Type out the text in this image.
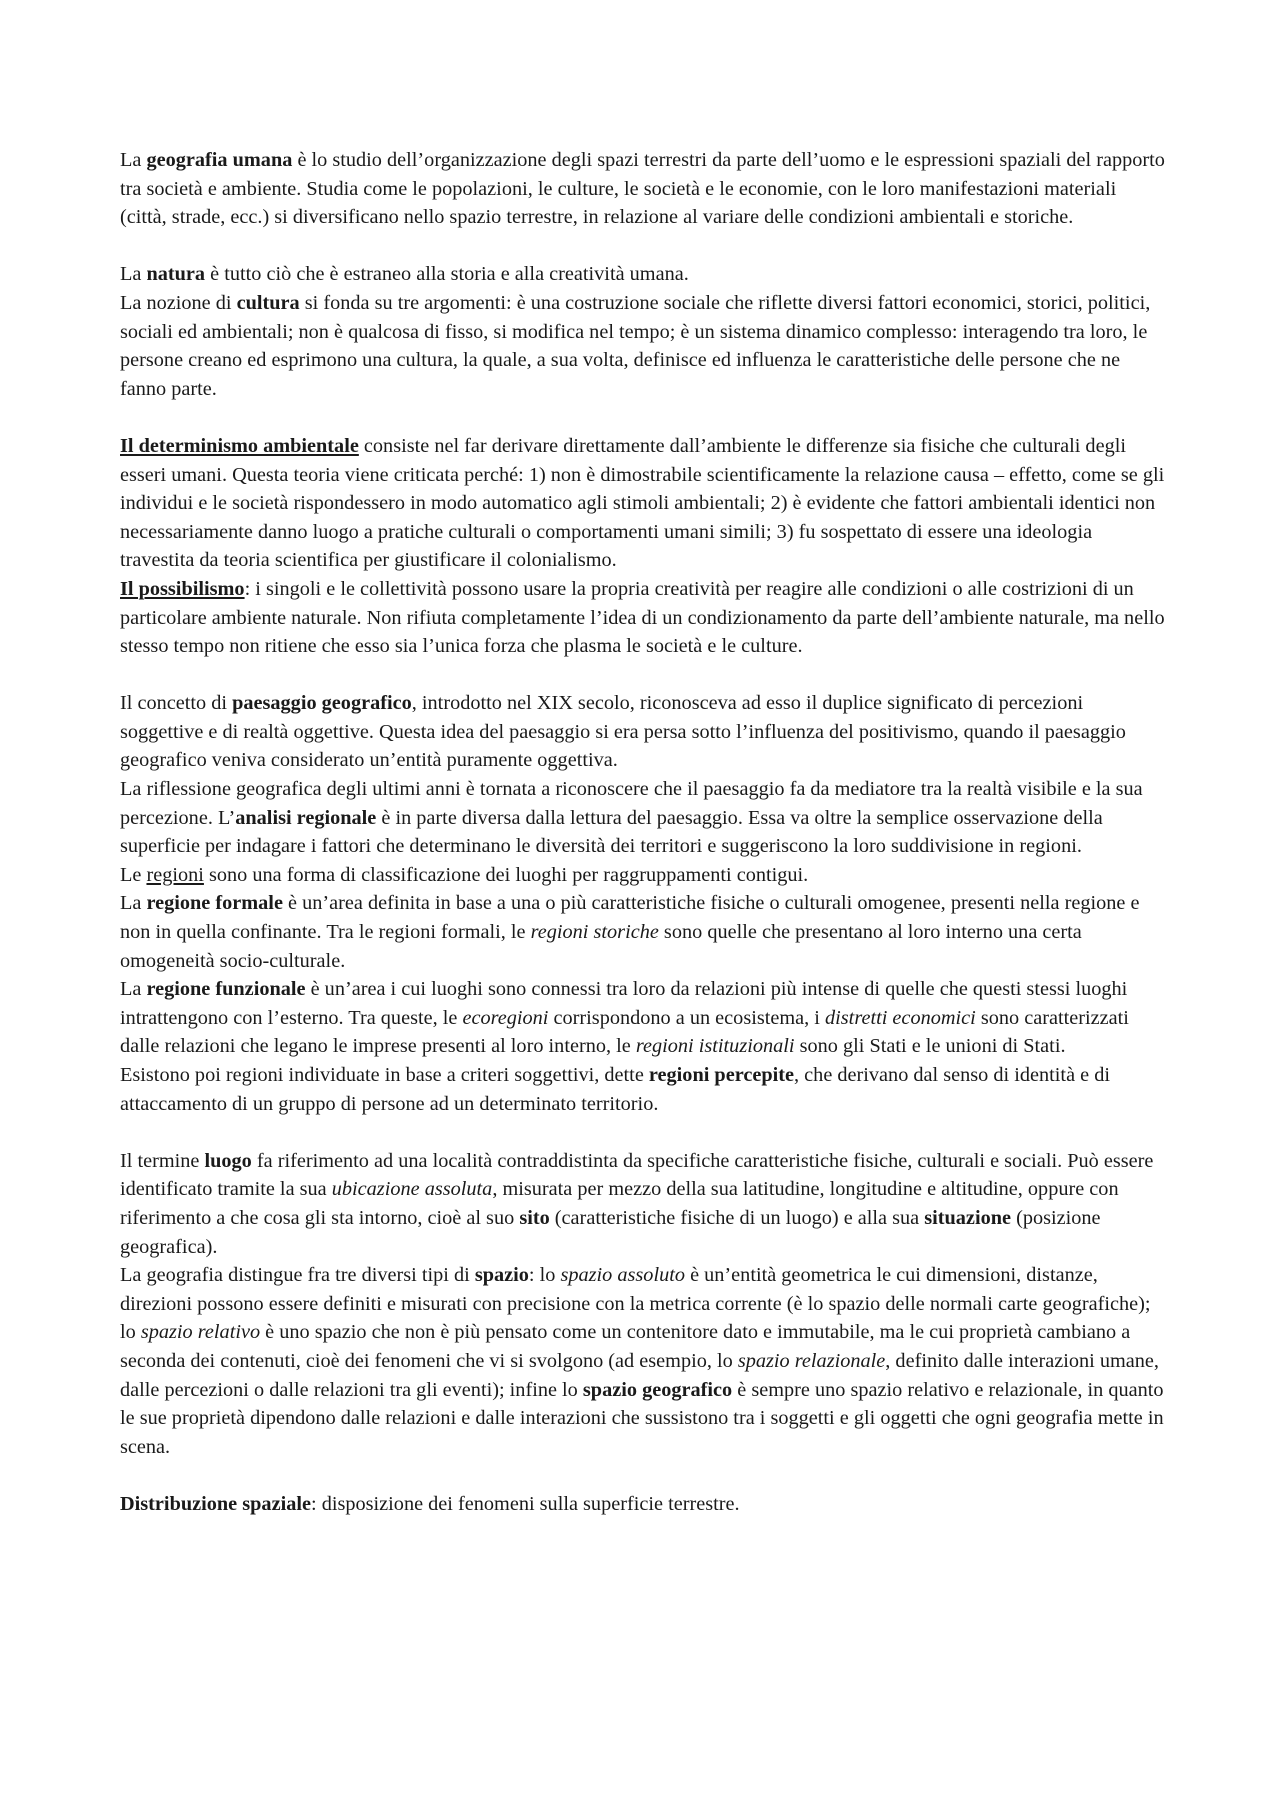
La geografia umana è lo studio dell’organizzazione degli spazi terrestri da parte dell’uomo e le espressioni spaziali del rapporto tra società e ambiente. Studia come le popolazioni, le culture, le società e le economie, con le loro manifestazioni materiali (città, strade, ecc.) si diversificano nello spazio terrestre, in relazione al variare delle condizioni ambientali e storiche.

La natura è tutto ciò che è estraneo alla storia e alla creatività umana.

La nozione di cultura si fonda su tre argomenti: è una costruzione sociale che riflette diversi fattori economici, storici, politici, sociali ed ambientali; non è qualcosa di fisso, si modifica nel tempo; è un sistema dinamico complesso: interagendo tra loro, le persone creano ed esprimono una cultura, la quale, a sua volta, definisce ed influenza le caratteristiche delle persone che ne fanno parte.

Il determinismo ambientale consiste nel far derivare direttamente dall’ambiente le differenze sia fisiche che culturali degli esseri umani. Questa teoria viene criticata perché: 1) non è dimostrabile scientificamente la relazione causa – effetto, come se gli individui e le società rispondessero in modo automatico agli stimoli ambientali; 2) è evidente che fattori ambientali identici non necessariamente danno luogo a pratiche culturali o comportamenti umani simili; 3) fu sospettato di essere una ideologia travestita da teoria scientifica per giustificare il colonialismo.

Il possibilismo: i singoli e le collettività possono usare la propria creatività per reagire alle condizioni o alle costrizioni di un particolare ambiente naturale. Non rifiuta completamente l’idea di un condizionamento da parte dell’ambiente naturale, ma nello stesso tempo non ritiene che esso sia l’unica forza che plasma le società e le culture.

Il concetto di paesaggio geografico, introdotto nel XIX secolo, riconosceva ad esso il duplice significato di percezioni soggettive e di realtà oggettive. Questa idea del paesaggio si era persa sotto l’influenza del positivismo, quando il paesaggio geografico veniva considerato un’entità puramente oggettiva.

La riflessione geografica degli ultimi anni è tornata a riconoscere che il paesaggio fa da mediatore tra la realtà visibile e la sua percezione. L’analisi regionale è in parte diversa dalla lettura del paesaggio. Essa va oltre la semplice osservazione della superficie per indagare i fattori che determinano le diversità dei territori e suggeriscono la loro suddivisione in regioni.

Le regioni sono una forma di classificazione dei luoghi per raggruppamenti contigui.

La regione formale è un’area definita in base a una o più caratteristiche fisiche o culturali omogenee, presenti nella regione e non in quella confinante. Tra le regioni formali, le regioni storiche sono quelle che presentano al loro interno una certa omogeneità socio-culturale.

La regione funzionale è un’area i cui luoghi sono connessi tra loro da relazioni più intense di quelle che questi stessi luoghi intrattengono con l’esterno. Tra queste, le ecoregioni corrispondono a un ecosistema, i distretti economici sono caratterizzati dalle relazioni che legano le imprese presenti al loro interno, le regioni istituzionali sono gli Stati e le unioni di Stati.

Esistono poi regioni individuate in base a criteri soggettivi, dette regioni percepite, che derivano dal senso di identità e di attaccamento di un gruppo di persone ad un determinato territorio.

Il termine luogo fa riferimento ad una località contraddistinta da specifiche caratteristiche fisiche, culturali e sociali. Può essere identificato tramite la sua ubicazione assoluta, misurata per mezzo della sua latitudine, longitudine e altitudine, oppure con riferimento a che cosa gli sta intorno, cioè al suo sito (caratteristiche fisiche di un luogo) e alla sua situazione (posizione geografica).

La geografia distingue fra tre diversi tipi di spazio: lo spazio assoluto è un’entità geometrica le cui dimensioni, distanze, direzioni possono essere definiti e misurati con precisione con la metrica corrente (è lo spazio delle normali carte geografiche); lo spazio relativo è uno spazio che non è più pensato come un contenitore dato e immutabile, ma le cui proprietà cambiano a seconda dei contenuti, cioè dei fenomeni che vi si svolgono (ad esempio, lo spazio relazionale, definito dalle interazioni umane, dalle percezioni o dalle relazioni tra gli eventi); infine lo spazio geografico è sempre uno spazio relativo e relazionale, in quanto le sue proprietà dipendono dalle relazioni e dalle interazioni che sussistono tra i soggetti e gli oggetti che ogni geografia mette in scena.

Distribuzione spaziale: disposizione dei fenomeni sulla superficie terrestre.
